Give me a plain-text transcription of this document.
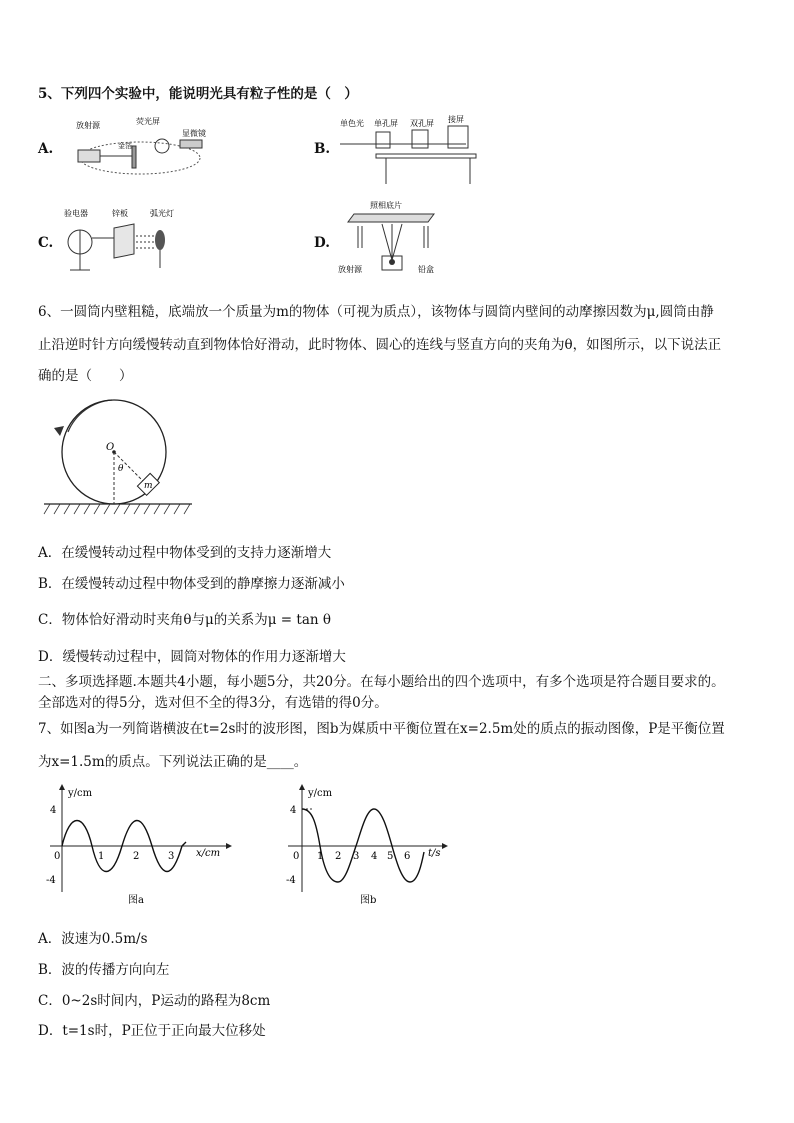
5、下列四个实验中，能说明光具有粒子性的是（　）
A.
放射源	荧光屏
显微镜
金箔	B.
单色光 单孔屏 双孔屏 接屏
C.
验电器	锌板	弧光灯
D.
照相底片
放射源	铅盒
6、一圆筒内壁粗糙，底端放一个质量为m的物体（可视为质点），该物体与圆筒内壁间的动摩擦因数为μ,圆筒由静
止沿逆时针方向缓慢转动直到物体恰好滑动，此时物体、圆心的连线与竖直方向的夹角为θ，如图所示，以下说法正
确的是（　　）
O
θ
m
A．在缓慢转动过程中物体受到的支持力逐渐增大
B．在缓慢转动过程中物体受到的静摩擦力逐渐减小
C．物体恰好滑动时夹角θ与μ的关系为μ = tan θ
D．缓慢转动过程中，圆筒对物体的作用力逐渐增大
二、多项选择题.本题共4小题，每小题5分，共20分。在每小题给出的四个选项中，有多个选项是符合题目要求的。
全部选对的得5分，选对但不全的得3分，有选错的得0分。
7、如图a为一列简谐横波在t=2s时的波形图，图b为媒质中平衡位置在x=2.5m处的质点的振动图像，P是平衡位置
为x=1.5m的质点。下列说法正确的是____。
y/cm
x/cm
4
-4
0	1	2	3
图a
y/cm
t/s
4
-4
0 1 2 3 4 5 6
图b
A．波速为0.5m/s
B．波的传播方向向左
C．0~2s时间内，P运动的路程为8cm
D．t=1s时，P正位于正向最大位移处
